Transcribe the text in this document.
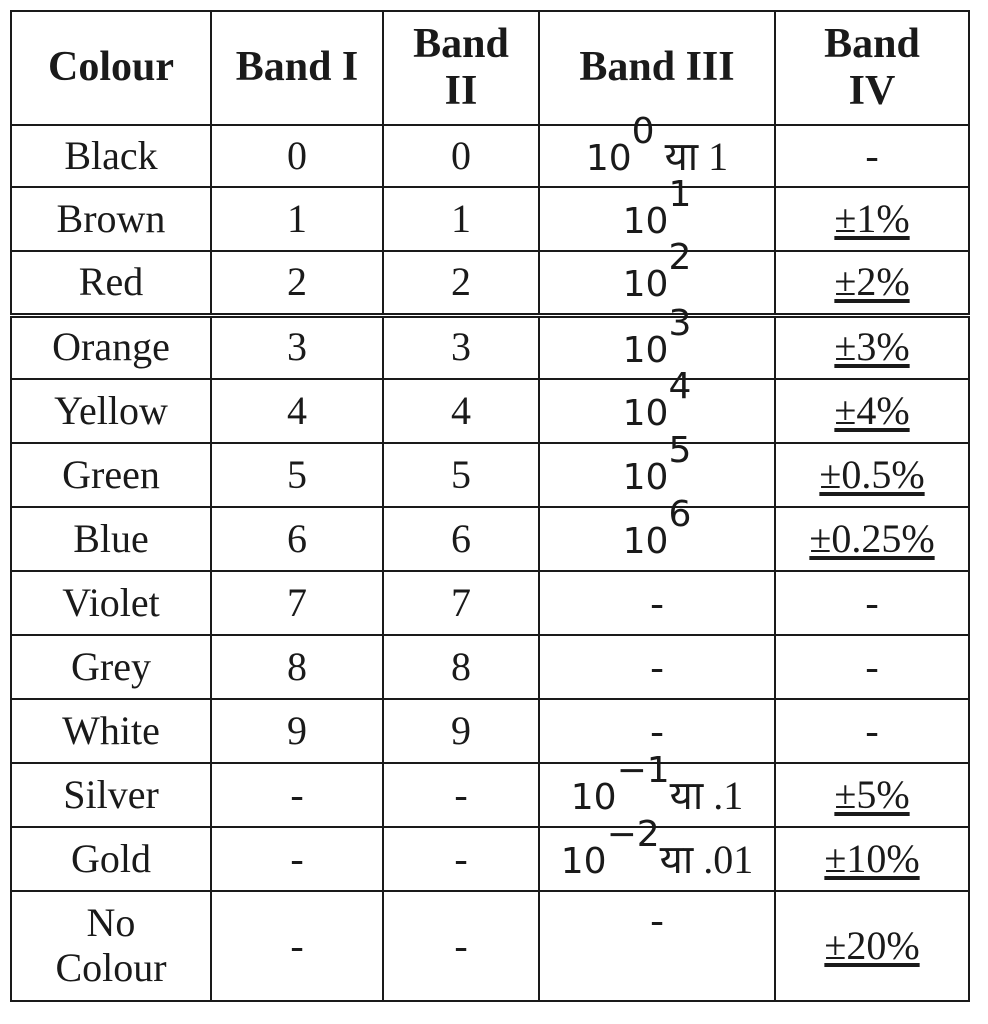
Colour	Band I	Band II	Band III	Band IV
Black	0	0	$10^0$ या 1	-
Brown	1	1	$10^1$	±1%
Red	2	2	$10^2$	±2%
Orange	3	3	$10^3$	±3%
Yellow	4	4	$10^4$	±4%
Green	5	5	$10^5$	±0.5%
Blue	6	6	$10^6$	±0.25%
Violet	7	7	-	-
Grey	8	8	-	-
White	9	9	-	-
Silver	-	-	$10^{-1}या$ .1	±5%
Gold	-	-	$10^{-2}या$ .01	±10%
No Colour	-	-	-	±20%
